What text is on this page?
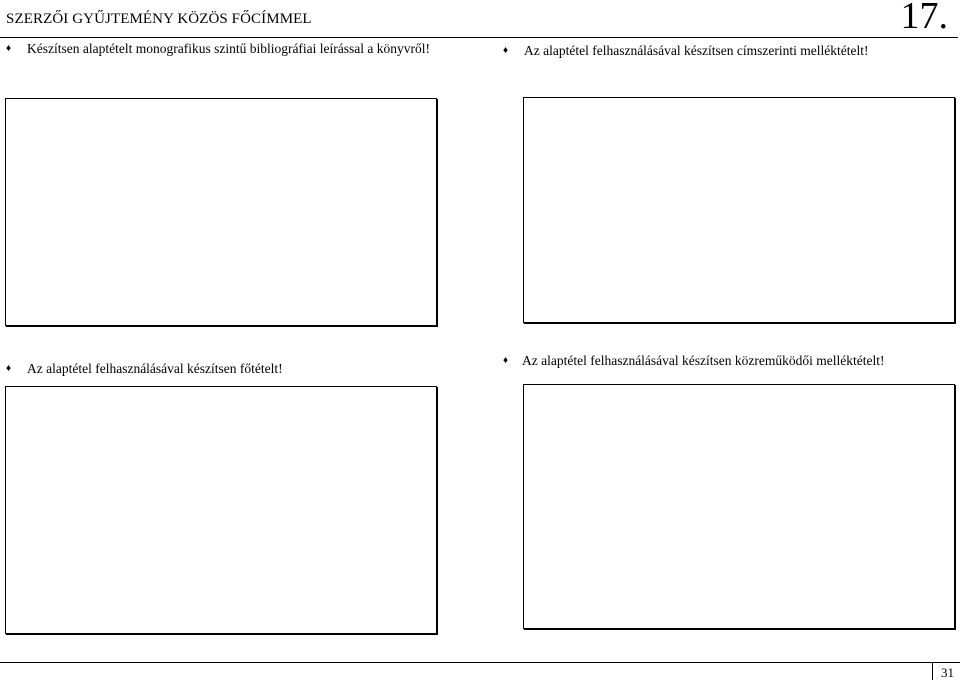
SZERZŐI GYŰJTEMÉNY KÖZÖS FŐCÍMMEL	17.
♦	Készítsen alaptételt monografikus szintű bibliográfiai leírással a könyvről!	♦	Az alaptétel felhasználásával készítsen címszerinti melléktételt!
♦	Az alaptétel felhasználásával készítsen főtételt!
♦	Az alaptétel felhasználásával készítsen közreműködői melléktételt!
31
